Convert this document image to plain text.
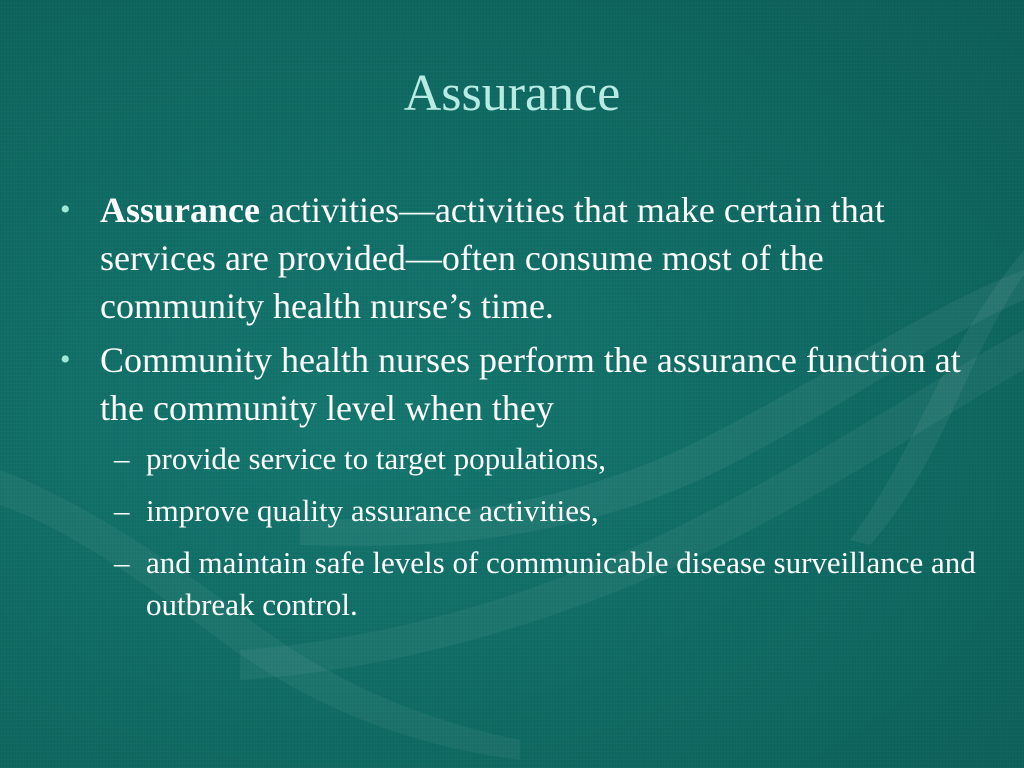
Assurance
• Assurance activities—activities that make certain that services are provided—often consume most of the community health nurse’s time.
• Community health nurses perform the assurance function at the community level when they
– provide service to target populations,
– improve quality assurance activities,
– and maintain safe levels of communicable disease surveillance and outbreak control.
